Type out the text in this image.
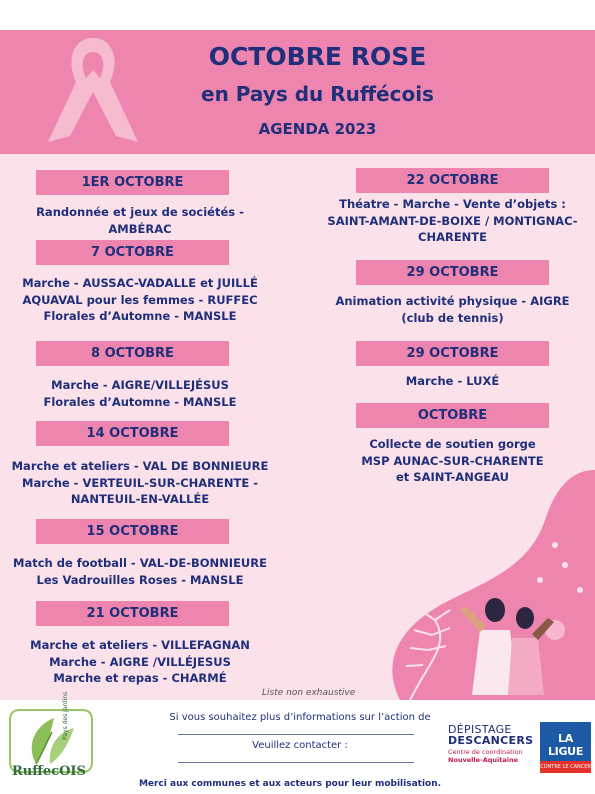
OCTOBRE ROSE
en Pays du Ruffécois
AGENDA 2023
1ER OCTOBRE
Randonnée et jeux de sociétés -
AMBÉRAC
7 OCTOBRE
Marche - AUSSAC-VADALLE et JUILLÉ
AQUAVAL pour les femmes - RUFFEC
Florales d’Automne - MANSLE
8 OCTOBRE
Marche - AIGRE/VILLEJÉSUS
Florales d’Automne - MANSLE
14 OCTOBRE
Marche et ateliers - VAL DE BONNIEURE
Marche - VERTEUIL-SUR-CHARENTE -
NANTEUIL-EN-VALLÉE
15 OCTOBRE
Match de football - VAL-DE-BONNIEURE
Les Vadrouilles Roses - MANSLE
21 OCTOBRE
Marche et ateliers - VILLEFAGNAN
Marche - AIGRE /VILLÉJESUS
Marche et repas - CHARMÉ
22 OCTOBRE
Théatre - Marche - Vente d’objets :
SAINT-AMANT-DE-BOIXE / MONTIGNAC-
CHARENTE
29 OCTOBRE
Animation activité physique - AIGRE
(club de tennis)
29 OCTOBRE
Marche - LUXÉ
OCTOBRE
Collecte de soutien gorge
MSP AUNAC-SUR-CHARENTE
et SAINT-ANGEAU
Liste non exhaustive
RuffecOIS
Pays des jardins	Si vous souhaitez plus d’informations sur l’action de
Veuillez contacter :
Merci aux communes et aux acteurs pour leur mobilisation.
DÉPISTAGE
DESCANCERS
Centre de coordination
Nouvelle-Aquitaine
LA LIGUE
CONTRE LE CANCER
